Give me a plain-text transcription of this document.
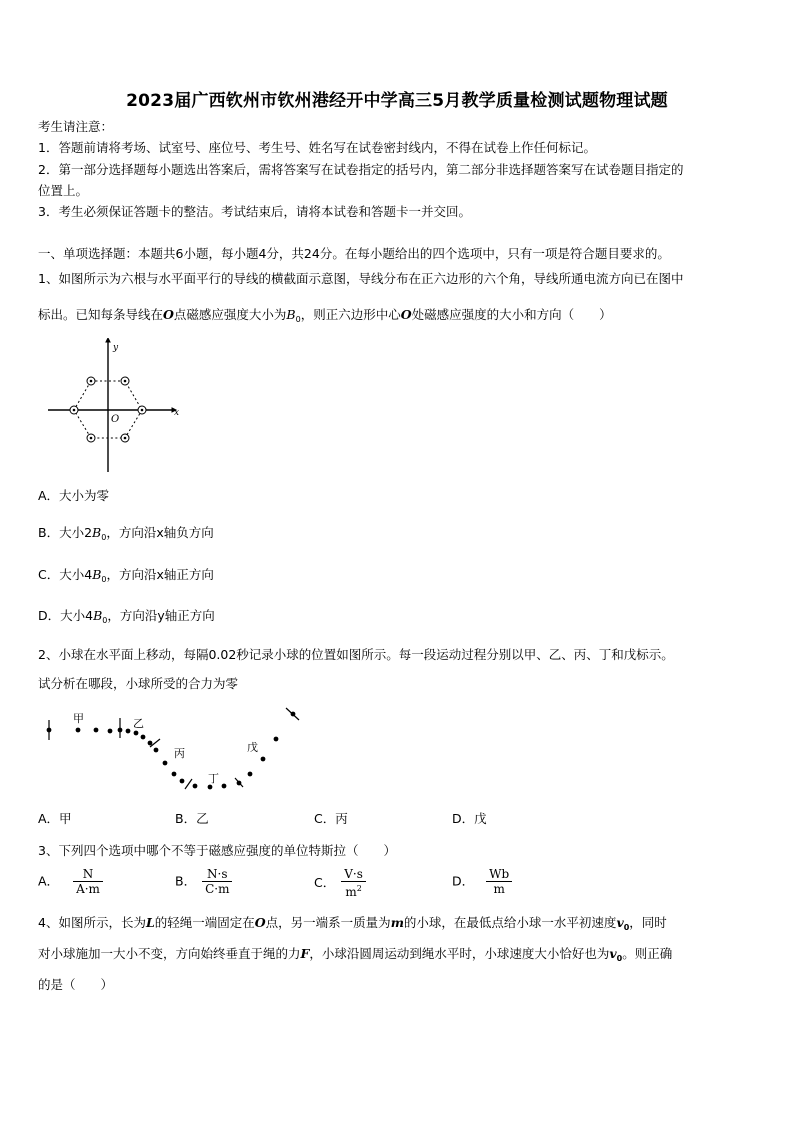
2023届广西钦州市钦州港经开中学高三5月教学质量检测试题物理试题
考生请注意：
1．答题前请将考场、试室号、座位号、考生号、姓名写在试卷密封线内，不得在试卷上作任何标记。
2．第一部分选择题每小题选出答案后，需将答案写在试卷指定的括号内，第二部分非选择题答案写在试卷题目指定的
位置上。
3．考生必须保证答题卡的整洁。考试结束后，请将本试卷和答题卡一并交回。
一、单项选择题：本题共6小题，每小题4分，共24分。在每小题给出的四个选项中，只有一项是符合题目要求的。
1、如图所示为六根与水平面平行的导线的横截面示意图，导线分布在正六边形的六个角，导线所通电流方向已在图中
标出。已知每条导线在O点磁感应强度大小为$B_0$，则正六边形中心O处磁感应强度的大小和方向（　　）
y
x
O
A．大小为零
B．大小$2B_0$，方向沿x轴负方向
C．大小$4B_0$，方向沿x轴正方向
D．大小$4B_0$，方向沿y轴正方向
2、小球在水平面上移动，每隔0.02秒记录小球的位置如图所示。每一段运动过程分别以甲、乙、丙、丁和戊标示。
试分析在哪段，小球所受的合力为零
甲	乙
丙
丁
戊
A．甲	B．乙	C．丙	D．戊
3、下列四个选项中哪个不等于磁感应强度的单位特斯拉（　　）
A． $\frac{N}{A\cdot m}$	B． $\frac{N\cdot s}{C\cdot m}$	C． $\frac{V\cdot s}{m^2}$	D． $\frac{Wb}{m}$
4、如图所示，长为L的轻绳一端固定在O点，另一端系一质量为m的小球，在最低点给小球一水平初速度$v_0$，同时
对小球施加一大小不变，方向始终垂直于绳的力F，小球沿圆周运动到绳水平时，小球速度大小恰好也为$v_0$。则正确
的是（　　）
